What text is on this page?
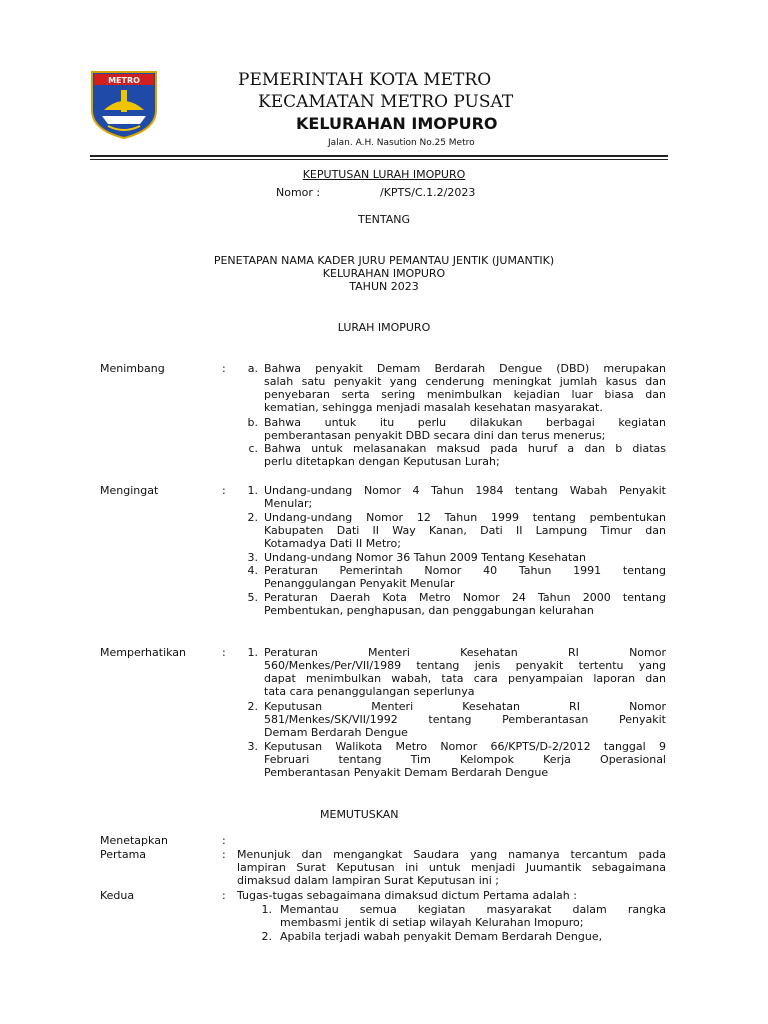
METRO	PEMERINTAH KOTA METRO
KECAMATAN METRO PUSAT
KELURAHAN IMOPURO
Jalan. A.H. Nasution No.25 Metro
KEPUTUSAN LURAH IMOPURO
Nomor :	/KPTS/C.1.2/2023
TENTANG
PENETAPAN NAMA KADER JURU PEMANTAU JENTIK (JUMANTIK)
KELURAHAN IMOPURO
TAHUN 2023
LURAH IMOPURO
Menimbang	:	a. Bahwa penyakit Demam Berdarah Dengue (DBD) merupakan
salah satu penyakit yang cenderung meningkat jumlah kasus dan
penyebaran serta sering menimbulkan kejadian luar biasa dan
kematian, sehingga menjadi masalah kesehatan masyarakat.
b. Bahwa untuk itu perlu dilakukan berbagai kegiatan
pemberantasan penyakit DBD secara dini dan terus menerus;
c. Bahwa untuk melasanakan maksud pada huruf a dan b diatas
perlu ditetapkan dengan Keputusan Lurah;
Mengingat	:	1. Undang-undang Nomor 4 Tahun 1984 tentang Wabah Penyakit
Menular;
2. Undang-undang Nomor 12 Tahun 1999 tentang pembentukan
Kabupaten Dati II Way Kanan, Dati II Lampung Timur dan
Kotamadya Dati II Metro;
3. Undang-undang Nomor 36 Tahun 2009 Tentang Kesehatan
4. Peraturan Pemerintah Nomor 40 Tahun 1991 tentang
Penanggulangan Penyakit Menular
5. Peraturan Daerah Kota Metro Nomor 24 Tahun 2000 tentang
Pembentukan, penghapusan, dan penggabungan kelurahan
Memperhatikan	:	1. Peraturan Menteri Kesehatan RI Nomor
560/Menkes/Per/VII/1989 tentang jenis penyakit tertentu yang
dapat menimbulkan wabah, tata cara penyampaian laporan dan
tata cara penanggulangan seperlunya
2. Keputusan Menteri Kesehatan RI Nomor
581/Menkes/SK/VII/1992 tentang Pemberantasan Penyakit
Demam Berdarah Dengue
3. Keputusan Walikota Metro Nomor 66/KPTS/D-2/2012 tanggal 9
Februari tentang Tim Kelompok Kerja Operasional
Pemberantasan Penyakit Demam Berdarah Dengue
MEMUTUSKAN
Menetapkan	:
Pertama	: Menunjuk dan mengangkat Saudara yang namanya tercantum pada
lampiran Surat Keputusan ini untuk menjadi Juumantik sebagaimana
dimaksud dalam lampiran Surat Keputusan ini ;
Kedua	: Tugas-tugas sebagaimana dimaksud dictum Pertama adalah :
1. Memantau semua kegiatan masyarakat dalam rangka
membasmi jentik di setiap wilayah Kelurahan Imopuro;
2. Apabila terjadi wabah penyakit Demam Berdarah Dengue,
